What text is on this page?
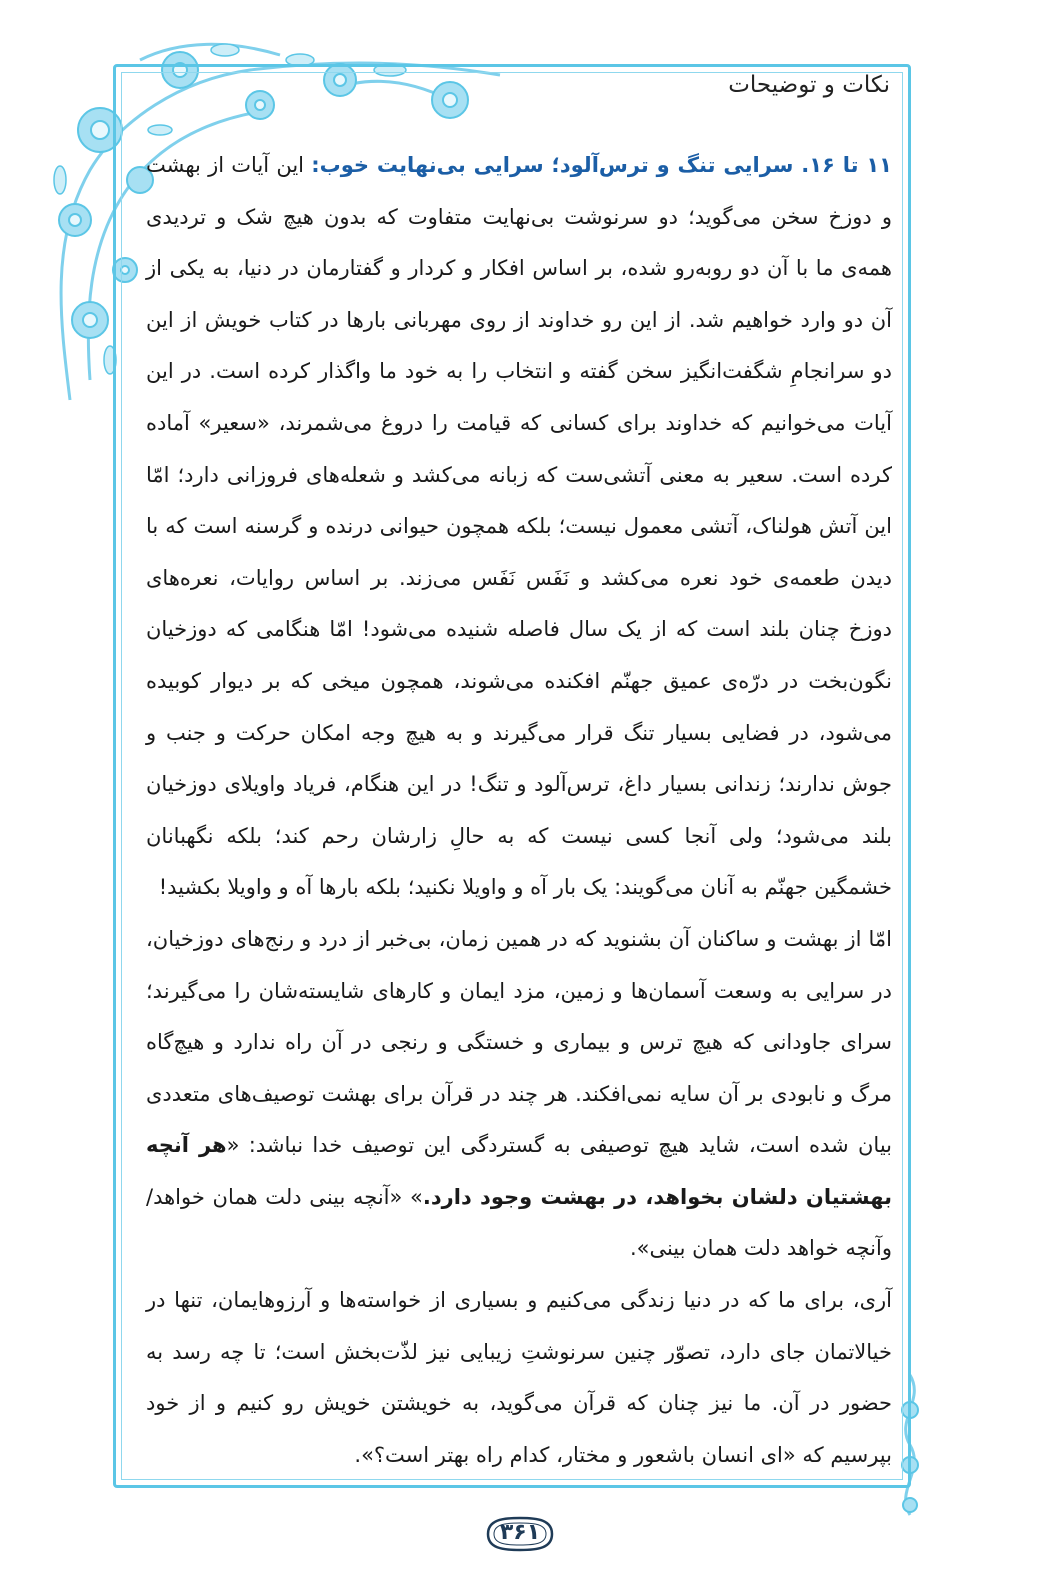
نکات و توضیحات

۱۱ تا ۱۶. سرایی تنگ و ترس‌آلود؛ سرایی بی‌نهایت خوب: این آیات از بهشت و دوزخ سخن می‌گوید؛ دو سرنوشت بی‌نهایت متفاوت که بدون هیچ شک و تردیدی همه‌ی ما با آن دو روبه‌رو شده، بر اساس افکار و کردار و گفتارمان در دنیا، به یکی از آن دو وارد خواهیم شد. از این رو خداوند از روی مهربانی بارها در کتاب خویش از این دو سرانجامِ شگفت‌انگیز سخن گفته و انتخاب را به خود ما واگذار کرده است. در این آیات می‌خوانیم که خداوند برای کسانی که قیامت را دروغ می‌شمرند، «سعیر» آماده کرده است. سعیر به معنی آتشی‌ست که زبانه می‌کشد و شعله‌های فروزانی دارد؛ امّا این آتش هولناک، آتشی معمول نیست؛ بلکه همچون حیوانی درنده و گرسنه است که با دیدن طعمه‌ی خود نعره می‌کشد و نَفَس نَفَس می‌زند. بر اساس روایات، نعره‌های دوزخ چنان بلند است که از یک سال فاصله شنیده می‌شود! امّا هنگامی که دوزخیان نگون‌بخت در درّه‌ی عمیق جهنّم افکنده می‌شوند، همچون میخی که بر دیوار کوبیده می‌شود، در فضایی بسیار تنگ قرار می‌گیرند و به هیچ وجه امکان حرکت و جنب و جوش ندارند؛ زندانی بسیار داغ، ترس‌آلود و تنگ! در این هنگام، فریاد واویلای دوزخیان بلند می‌شود؛ ولی آنجا کسی نیست که به حالِ زارشان رحم کند؛ بلکه نگهبانان خشمگین جهنّم به آنان می‌گویند: یک بار آه و واویلا نکنید؛ بلکه بارها آه و واویلا بکشید!

امّا از بهشت و ساکنان آن بشنوید که در همین زمان، بی‌خبر از درد و رنج‌های دوزخیان، در سرایی به وسعت آسمان‌ها و زمین، مزد ایمان و کارهای شایسته‌شان را می‌گیرند؛ سرای جاودانی که هیچ ترس و بیماری و خستگی و رنجی در آن راه ندارد و هیچ‌گاه مرگ و نابودی بر آن سایه نمی‌افکند. هر چند در قرآن برای بهشت توصیف‌های متعددی بیان شده است، شاید هیچ توصیفی به گستردگی این توصیف خدا نباشد: «هر آنچه بهشتیان دلشان بخواهد، در بهشت وجود دارد.» «آنچه بینی دلت همان خواهد/ وآنچه خواهد دلت همان بینی».

آری، برای ما که در دنیا زندگی می‌کنیم و بسیاری از خواسته‌ها و آرزوهایمان، تنها در خیالاتمان جای دارد، تصوّر چنین سرنوشتِ زیبایی نیز لذّت‌بخش است؛ تا چه رسد به حضور در آن. ما نیز چنان که قرآن می‌گوید، به خویشتن خویش رو کنیم و از خود بپرسیم که «ای انسان باشعور و مختار، کدام راه بهتر است؟».

۳۶۱
